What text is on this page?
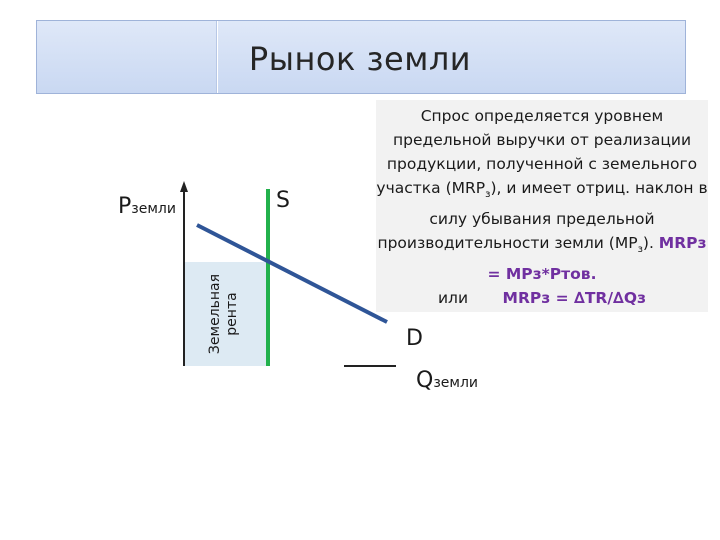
Рынок земли
Pземли
Земельная рента
S
D
Qземли
Спрос определяется уровнем предельной выручки от реализации продукции, полученной с земельного участка $(MRP_з)$, и имеет отриц. наклон в силу убывания предельной производительности земли $(MP_з)$. MRPз = MPз*Pтов.
или MRPз = ∆TR/∆Qз
